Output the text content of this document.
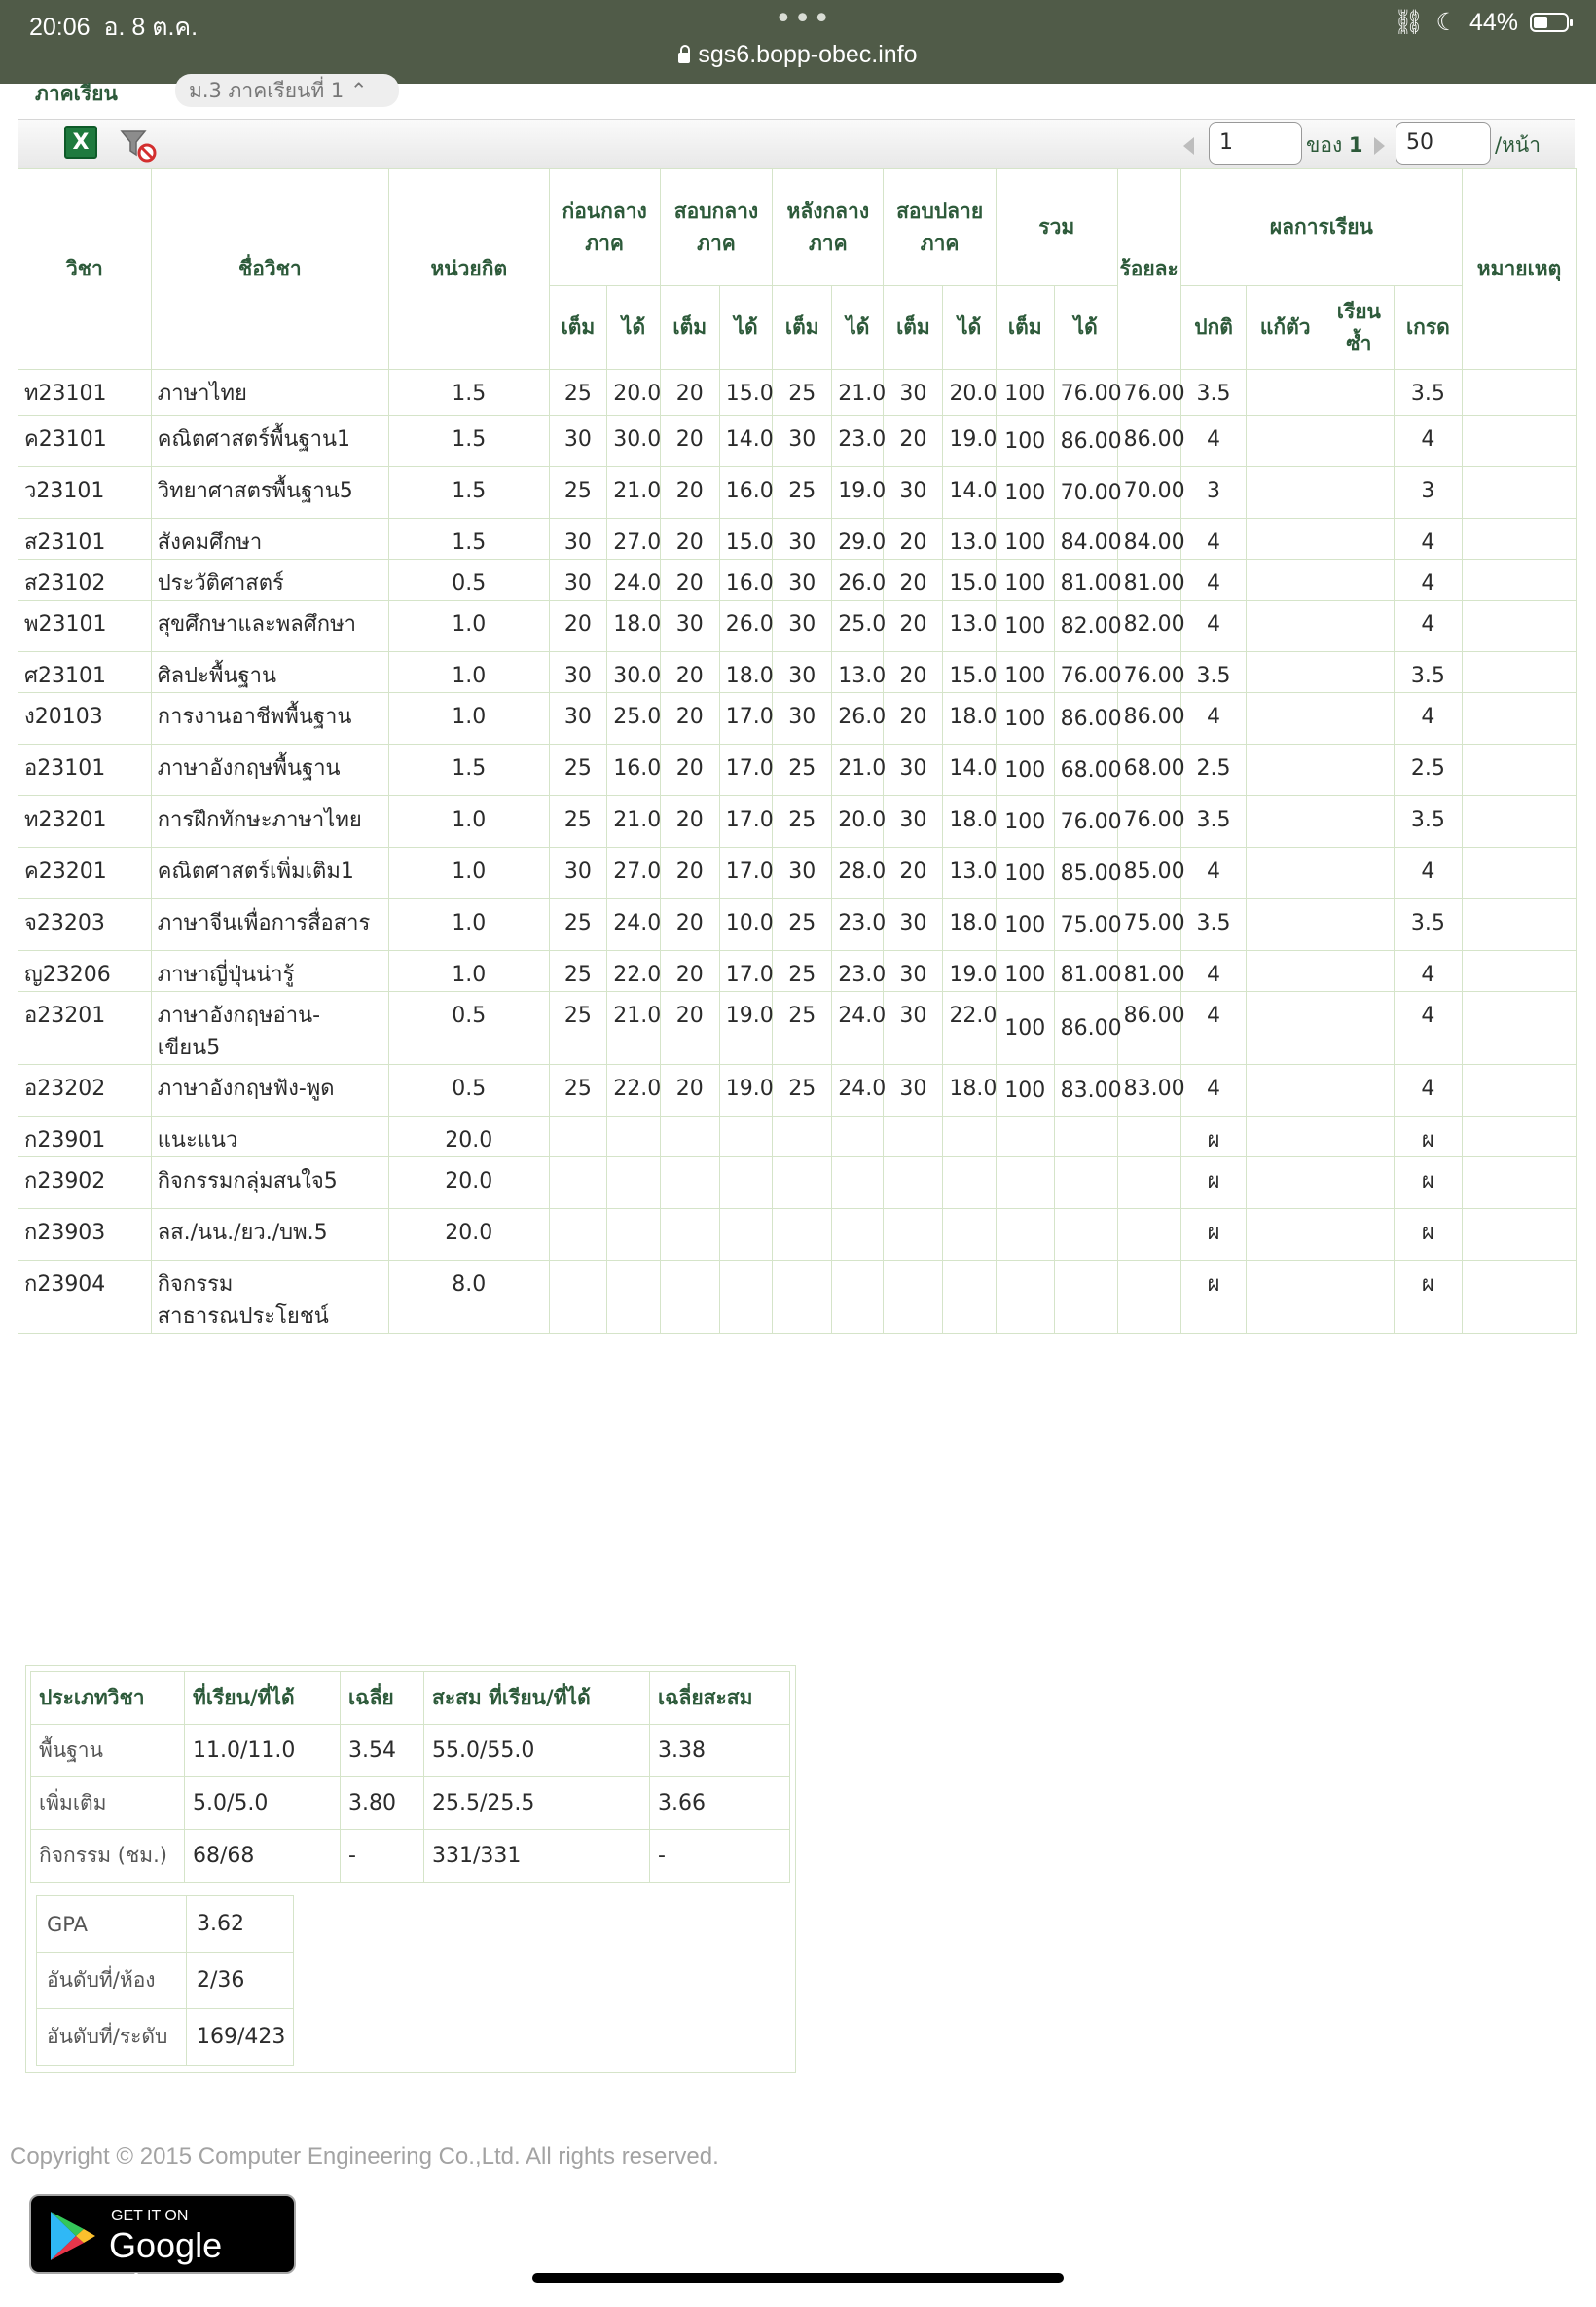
20:06 อ. 8 ต.ค.	•••
sgs6.bopp-obec.info
⛓ ☾ 44%
ภาคเรียน	ม.3 ภาคเรียนที่ 1 ⌃
X	1	ของ 1	50	/หน้า
วิชา	ชื่อวิชา	หน่วยกิต	ก่อนกลางภาค		สอบกลางภาค		หลังกลางภาค		สอบปลายภาค		รวม		ร้อยละ	ผลการเรียน				หมายเหตุ
			เต็ม	ได้	เต็ม	ได้	เต็ม	ได้	เต็ม	ได้	เต็ม	ได้		ปกติ	แก้ตัว	เรียนซ้ำ	เกรด	
ท23101	ภาษาไทย	1.5	25	20.0	20	15.0	25	21.0	30	20.0	100	76.00	76.00	3.5			3.5	
ค23101	คณิตศาสตร์พื้นฐาน1	1.5	30	30.0	20	14.0	30	23.0	20	19.0	100	86.00	86.00	4			4	
ว23101	วิทยาศาสตรพื้นฐาน5	1.5	25	21.0	20	16.0	25	19.0	30	14.0	100	70.00	70.00	3			3	
ส23101	สังคมศึกษา	1.5	30	27.0	20	15.0	30	29.0	20	13.0	100	84.00	84.00	4			4	
ส23102	ประวัติศาสตร์	0.5	30	24.0	20	16.0	30	26.0	20	15.0	100	81.00	81.00	4			4	
พ23101	สุขศึกษาและพลศึกษา	1.0	20	18.0	30	26.0	30	25.0	20	13.0	100	82.00	82.00	4			4	
ศ23101	ศิลปะพื้นฐาน	1.0	30	30.0	20	18.0	30	13.0	20	15.0	100	76.00	76.00	3.5			3.5	
ง20103	การงานอาชีพพื้นฐาน	1.0	30	25.0	20	17.0	30	26.0	20	18.0	100	86.00	86.00	4			4	
อ23101	ภาษาอังกฤษพื้นฐาน	1.5	25	16.0	20	17.0	25	21.0	30	14.0	100	68.00	68.00	2.5			2.5	
ท23201	การฝึกทักษะภาษาไทย	1.0	25	21.0	20	17.0	25	20.0	30	18.0	100	76.00	76.00	3.5			3.5	
ค23201	คณิตศาสตร์เพิ่มเติม1	1.0	30	27.0	20	17.0	30	28.0	20	13.0	100	85.00	85.00	4			4	
จ23203	ภาษาจีนเพื่อการสื่อสาร	1.0	25	24.0	20	10.0	25	23.0	30	18.0	100	75.00	75.00	3.5			3.5	
ญ23206	ภาษาญี่ปุ่นน่ารู้	1.0	25	22.0	20	17.0	25	23.0	30	19.0	100	81.00	81.00	4			4	
อ23201	ภาษาอังกฤษอ่าน-เขียน5	0.5	25	21.0	20	19.0	25	24.0	30	22.0	100	86.00	86.00	4			4	
อ23202	ภาษาอังกฤษฟัง-พูด	0.5	25	22.0	20	19.0	25	24.0	30	18.0	100	83.00	83.00	4			4	
ก23901	แนะแนว	20.0												ผ			ผ	
ก23902	กิจกรรมกลุ่มสนใจ5	20.0												ผ			ผ	
ก23903	ลส./นน./ยว./บพ.5	20.0												ผ			ผ	
ก23904	กิจกรรมสาธารณประโยชน์	8.0												ผ			ผ	
ประเภทวิชา	ที่เรียน/ที่ได้	เฉลี่ย	สะสม ที่เรียน/ที่ได้	เฉลี่ยสะสม
พื้นฐาน	11.0/11.0	3.54	55.0/55.0	3.38
เพิ่มเติม	5.0/5.0	3.80	25.5/25.5	3.66
กิจกรรม (ชม.)	68/68	-	331/331	-
GPA	3.62
อันดับที่/ห้อง	2/36
อันดับที่/ระดับ	169/423
Copyright © 2015 Computer Engineering Co.,Ltd. All rights reserved.
GET IT ON
Google Play
